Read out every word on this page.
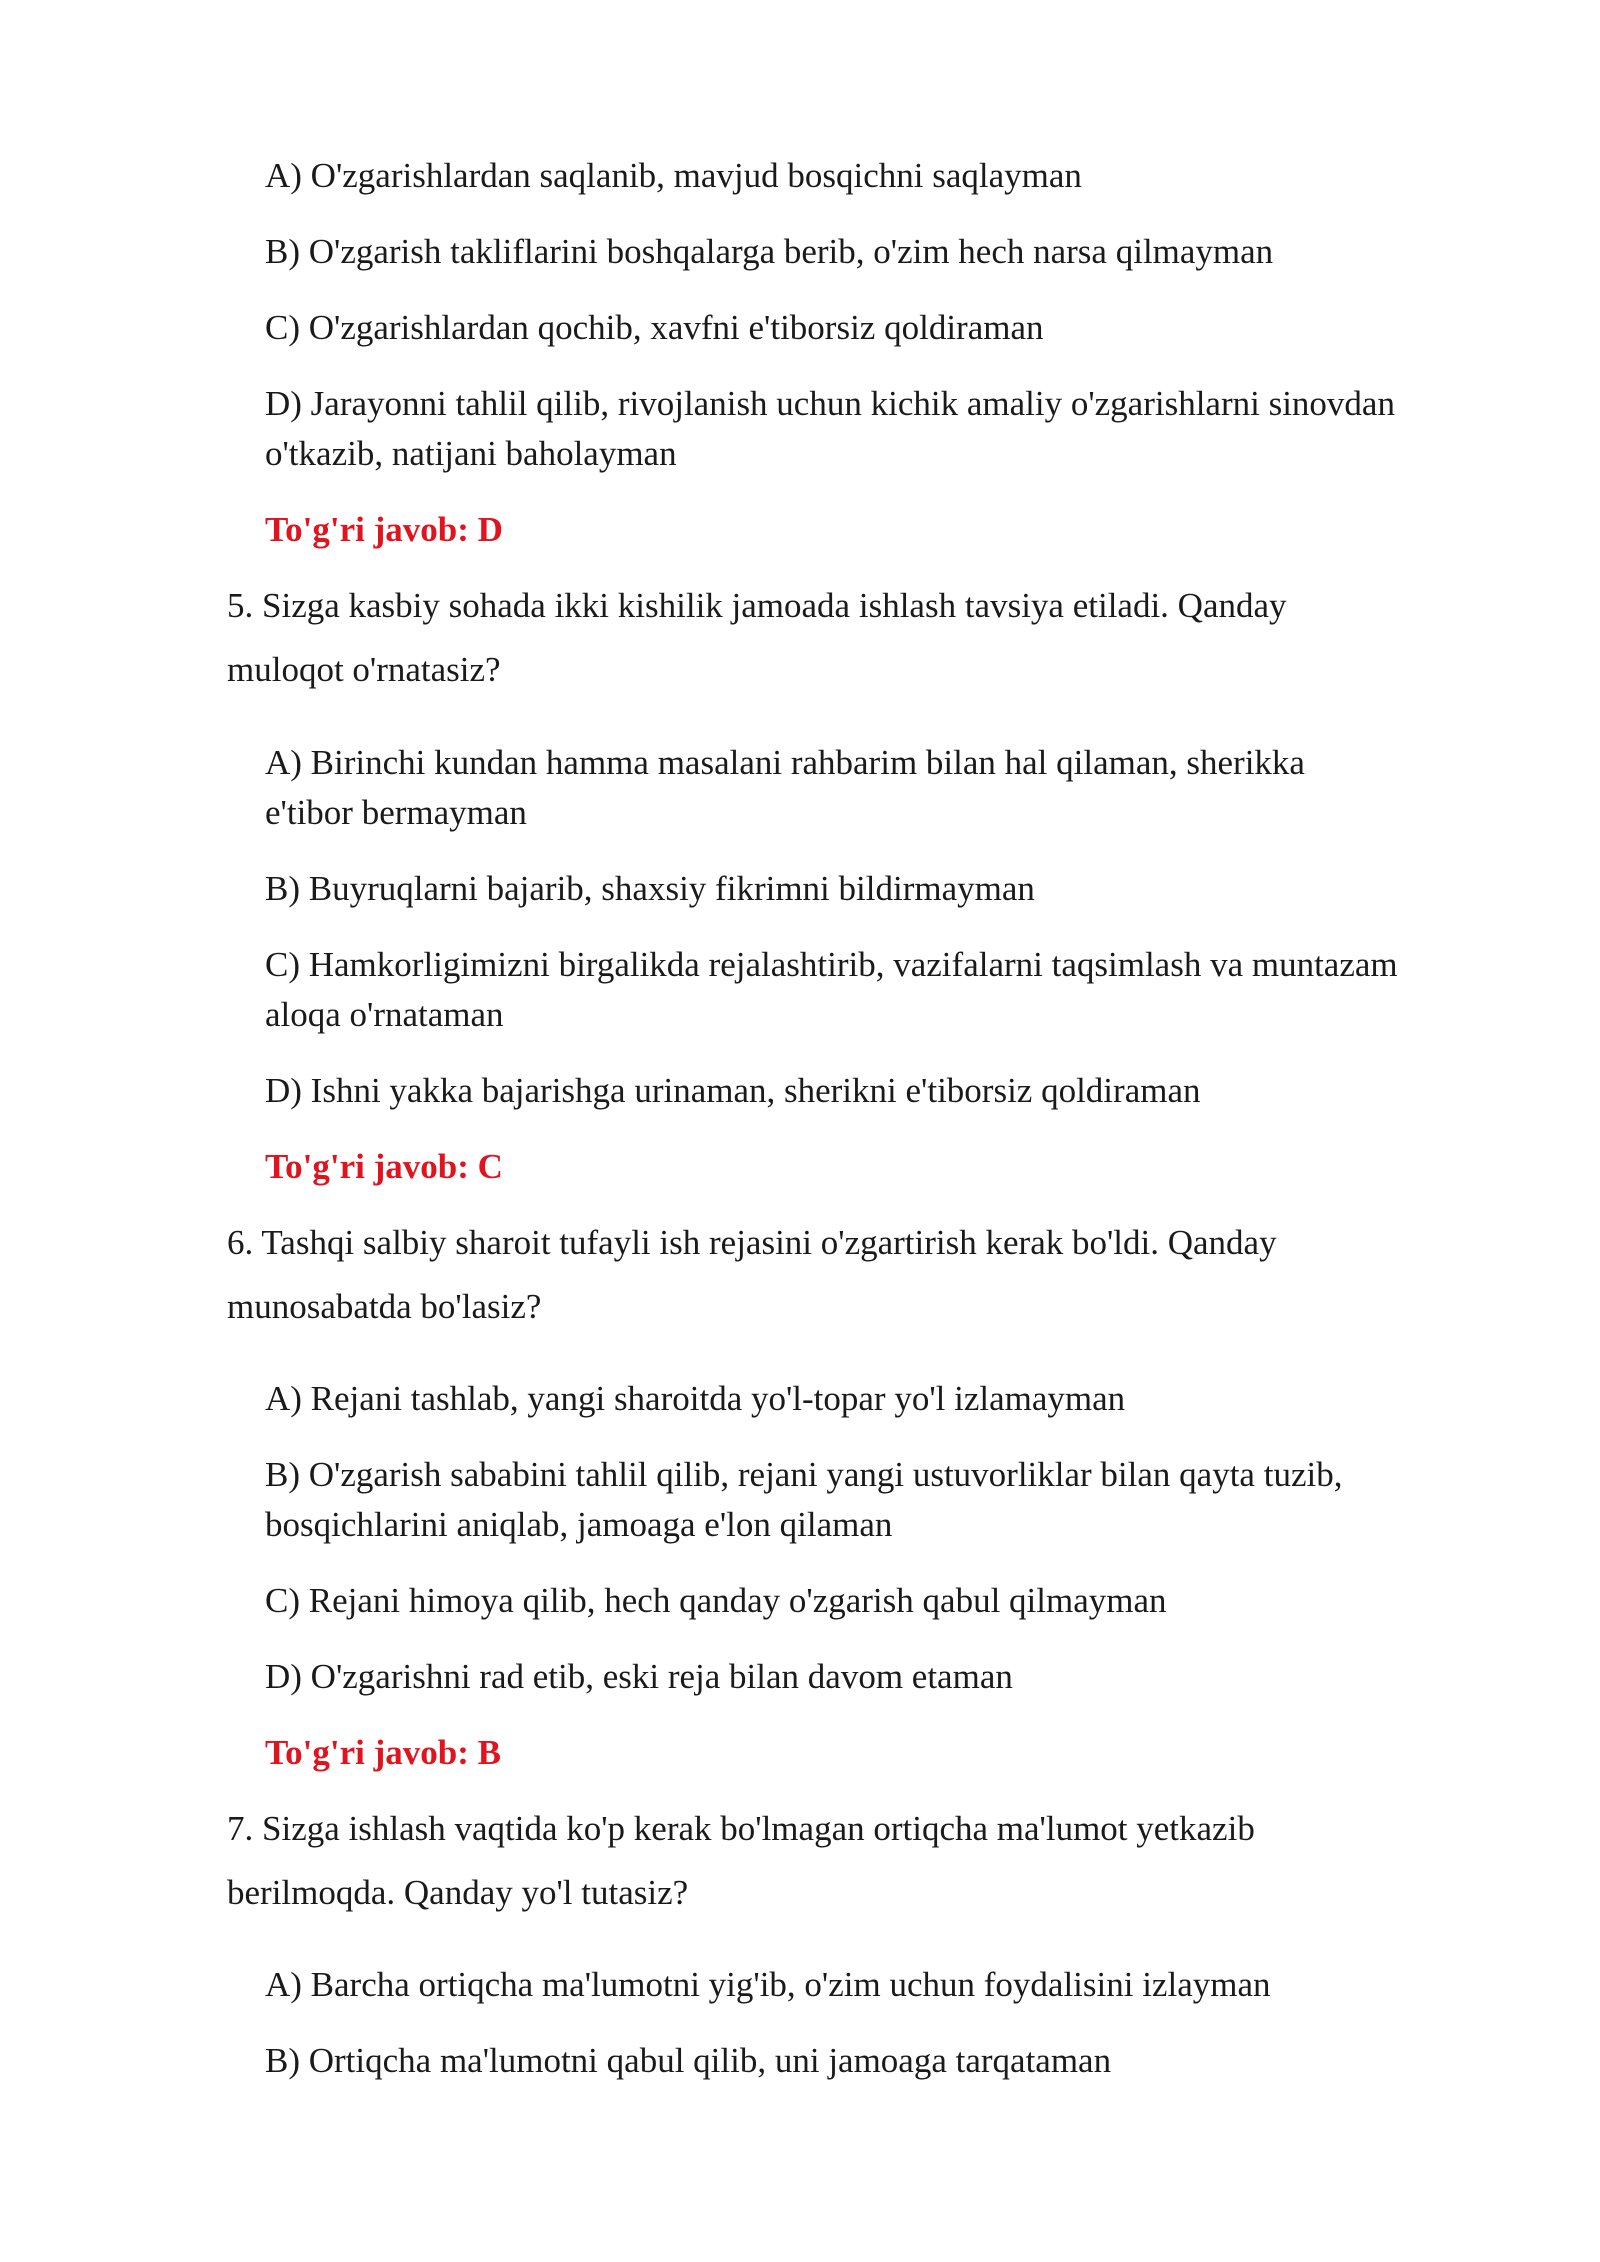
A) O'zgarishlardan saqlanib, mavjud bosqichni saqlayman
B) O'zgarish takliflarini boshqalarga berib, o'zim hech narsa qilmayman
C) O'zgarishlardan qochib, xavfni e'tiborsiz qoldiraman
D) Jarayonni tahlil qilib, rivojlanish uchun kichik amaliy o'zgarishlarni sinovdan
o'tkazib, natijani baholayman
To'g'ri javob: D
5. Sizga kasbiy sohada ikki kishilik jamoada ishlash tavsiya etiladi. Qanday
muloqot o'rnatasiz?
A) Birinchi kundan hamma masalani rahbarim bilan hal qilaman, sherikka
e'tibor bermayman
B) Buyruqlarni bajarib, shaxsiy fikrimni bildirmayman
C) Hamkorligimizni birgalikda rejalashtirib, vazifalarni taqsimlash va muntazam
aloqa o'rnataman
D) Ishni yakka bajarishga urinaman, sherikni e'tiborsiz qoldiraman
To'g'ri javob: C
6. Tashqi salbiy sharoit tufayli ish rejasini o'zgartirish kerak bo'ldi. Qanday
munosabatda bo'lasiz?
A) Rejani tashlab, yangi sharoitda yo'l-topar yo'l izlamayman
B) O'zgarish sababini tahlil qilib, rejani yangi ustuvorliklar bilan qayta tuzib,
bosqichlarini aniqlab, jamoaga e'lon qilaman
C) Rejani himoya qilib, hech qanday o'zgarish qabul qilmayman
D) O'zgarishni rad etib, eski reja bilan davom etaman
To'g'ri javob: B
7. Sizga ishlash vaqtida ko'p kerak bo'lmagan ortiqcha ma'lumot yetkazib
berilmoqda. Qanday yo'l tutasiz?
A) Barcha ortiqcha ma'lumotni yig'ib, o'zim uchun foydalisini izlayman
B) Ortiqcha ma'lumotni qabul qilib, uni jamoaga tarqataman
